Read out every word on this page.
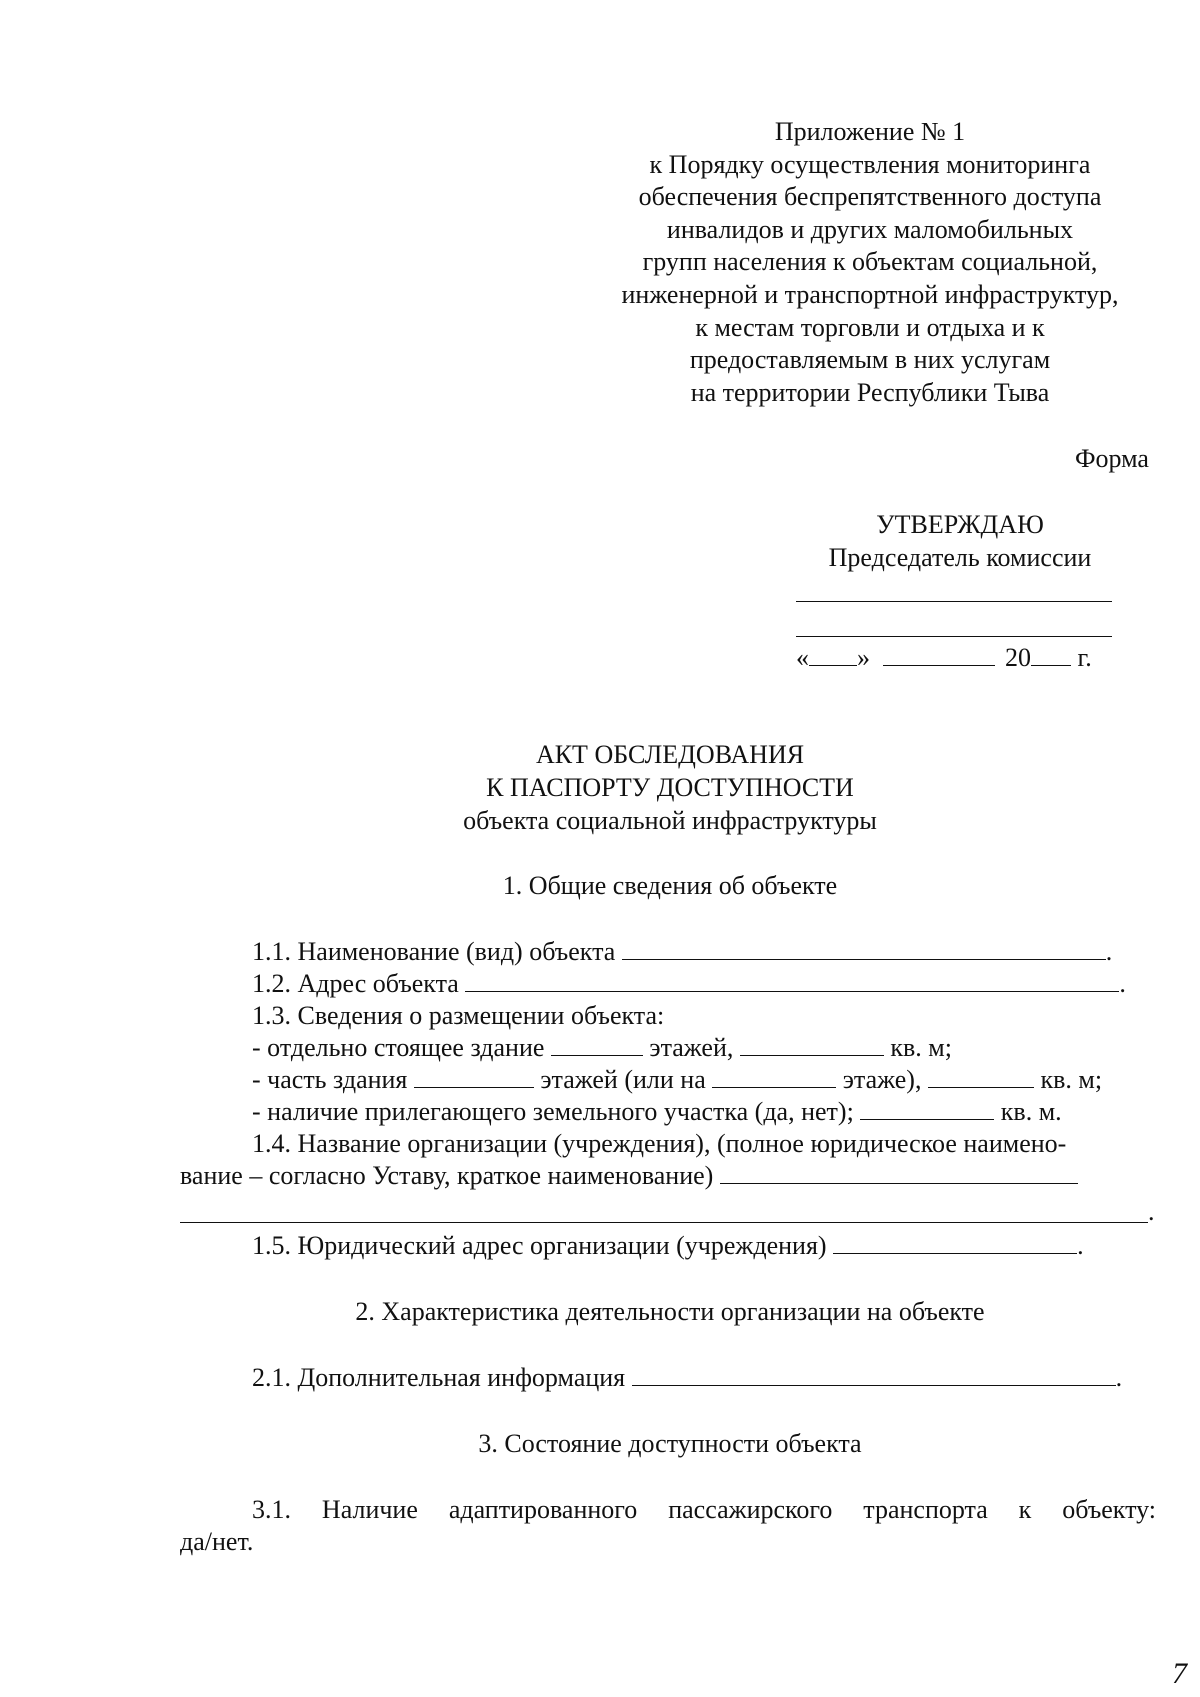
Приложение № 1
к Порядку осуществления мониторинга
обеспечения беспрепятственного доступа
инвалидов и других маломобильных
групп населения к объектам социальной,
инженерной и транспортной инфраструктур,
к местам торговли и отдыха и к
предоставляемым в них услугам
на территории Республики Тыва
Форма
УТВЕРЖДАЮ
Председатель комиссии
« »	20 г.
АКТ ОБСЛЕДОВАНИЯ
К ПАСПОРТУ ДОСТУПНОСТИ
объекта социальной инфраструктуры
1. Общие сведения об объекте
1.1. Наименование (вид) объекта	.
1.2. Адрес объекта	.
1.3. Сведения о размещении объекта:
- отдельно стоящее здание	этажей,	кв. м;
- часть здания	этажей (или на	этаже),	кв. м;
- наличие прилегающего земельного участка (да, нет);	кв. м.
1.4. Название организации (учреждения), (полное юридическое наимено-
вание – согласно Уставу, краткое наименование)
.
1.5. Юридический адрес организации (учреждения)	.
2. Характеристика деятельности организации на объекте
2.1. Дополнительная информация	.
3. Состояние доступности объекта
3.1. Наличие адаптированного пассажирского транспорта к объекту:
да/нет.
7
